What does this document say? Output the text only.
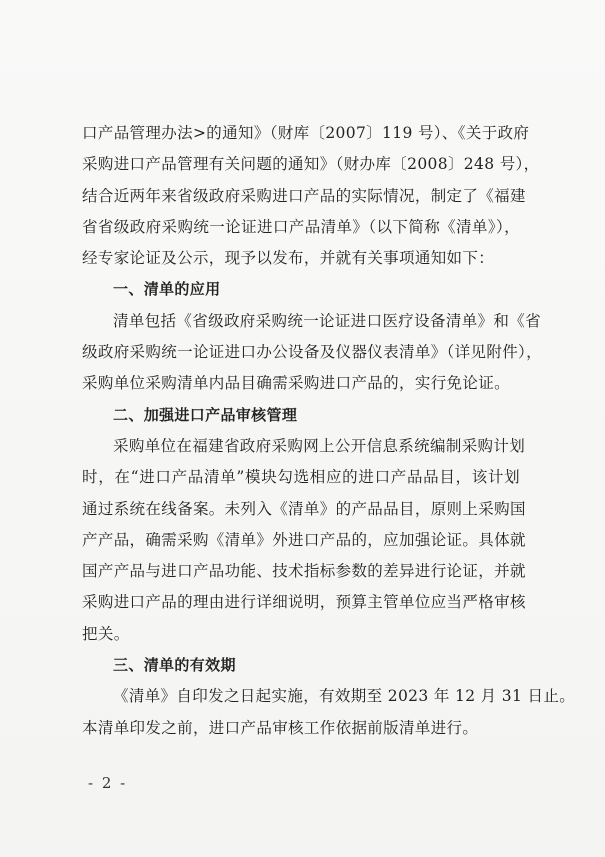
口产品管理办法>的通知》（财库〔2007〕119 号）、《关于政府
采购进口产品管理有关问题的通知》（财办库〔2008〕248 号），
结合近两年来省级政府采购进口产品的实际情况，制定了《福建
省省级政府采购统一论证进口产品清单》（以下简称《清单》），
经专家论证及公示，现予以发布，并就有关事项通知如下：
一、清单的应用
清单包括《省级政府采购统一论证进口医疗设备清单》和《省
级政府采购统一论证进口办公设备及仪器仪表清单》（详见附件），
采购单位采购清单内品目确需采购进口产品的，实行免论证。
二、加强进口产品审核管理
采购单位在福建省政府采购网上公开信息系统编制采购计划
时，在“进口产品清单”模块勾选相应的进口产品品目，该计划
通过系统在线备案。未列入《清单》的产品品目，原则上采购国
产产品，确需采购《清单》外进口产品的，应加强论证。具体就
国产产品与进口产品功能、技术指标参数的差异进行论证，并就
采购进口产品的理由进行详细说明，预算主管单位应当严格审核
把关。
三、清单的有效期
《清单》自印发之日起实施，有效期至 2023 年 12 月 31 日止。
本清单印发之前，进口产品审核工作依据前版清单进行。
- 2 -
